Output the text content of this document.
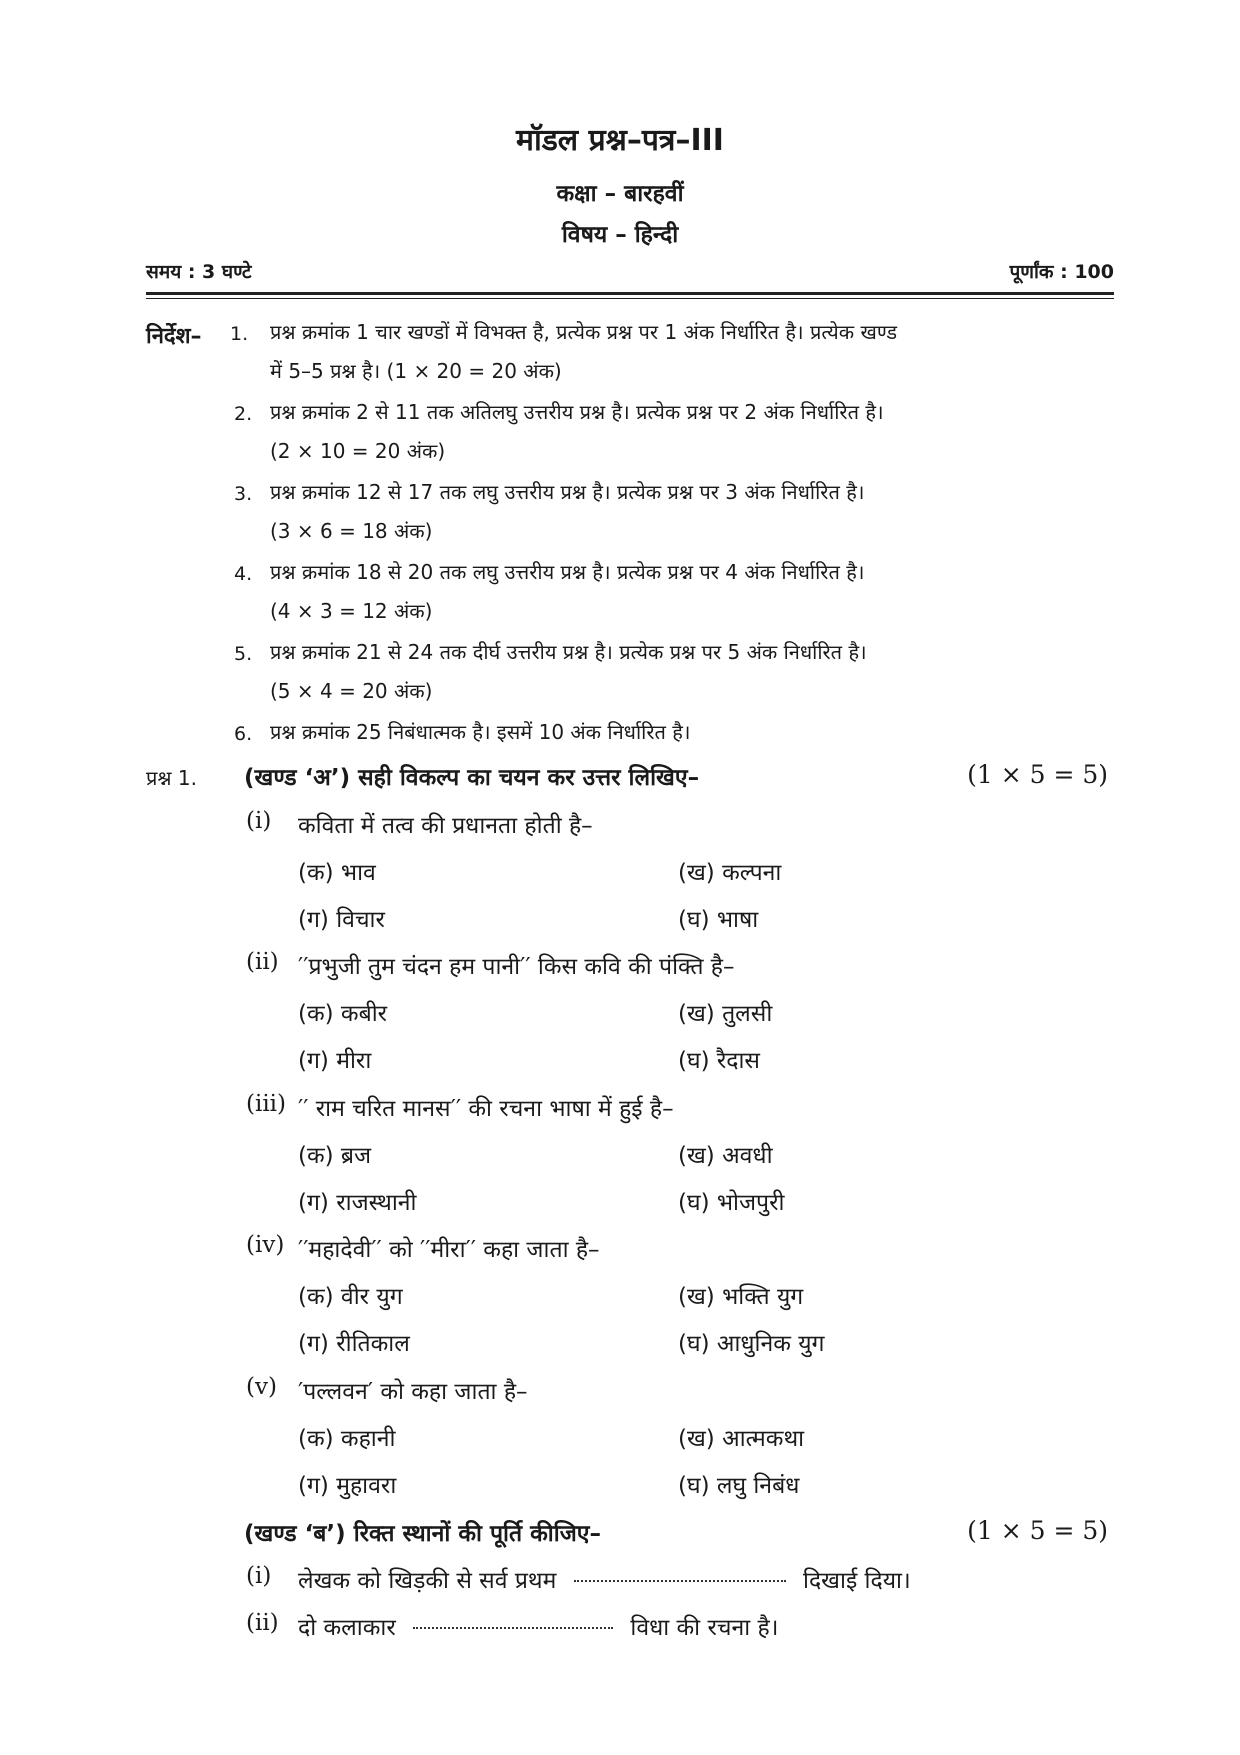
मॉडल प्रश्न–पत्र–III
कक्षा – बारहवीं
विषय – हिन्दी
समय : 3 घण्टे	पूर्णांक : 100
निर्देश– 1. प्रश्न क्रमांक 1 चार खण्डों में विभक्त है, प्रत्येक प्रश्न पर 1 अंक निर्धारित है। प्रत्येक खण्ड
में 5–5 प्रश्न है। (1 × 20 = 20 अंक)
2. प्रश्न क्रमांक 2 से 11 तक अतिलघु उत्तरीय प्रश्न है। प्रत्येक प्रश्न पर 2 अंक निर्धारित है।
(2 × 10 = 20 अंक)
3. प्रश्न क्रमांक 12 से 17 तक लघु उत्तरीय प्रश्न है। प्रत्येक प्रश्न पर 3 अंक निर्धारित है।
(3 × 6 = 18 अंक)
4. प्रश्न क्रमांक 18 से 20 तक लघु उत्तरीय प्रश्न है। प्रत्येक प्रश्न पर 4 अंक निर्धारित है।
(4 × 3 = 12 अंक)
5. प्रश्न क्रमांक 21 से 24 तक दीर्घ उत्तरीय प्रश्न है। प्रत्येक प्रश्न पर 5 अंक निर्धारित है।
(5 × 4 = 20 अंक)
6. प्रश्न क्रमांक 25 निबंधात्मक है। इसमें 10 अंक निर्धारित है।
प्रश्न 1. (खण्ड ‘अ’) सही विकल्प का चयन कर उत्तर लिखिए–	(1 × 5 = 5)
(i) कविता में तत्व की प्रधानता होती है–
(क) भाव	(ख) कल्पना
(ग) विचार	(घ) भाषा
(ii) ′′प्रभुजी तुम चंदन हम पानी′′ किस कवि की पंक्ति है–
(क) कबीर	(ख) तुलसी
(ग) मीरा	(घ) रैदास
(iii) ′′ राम चरित मानस′′ की रचना भाषा में हुई है–
(क) ब्रज	(ख) अवधी
(ग) राजस्थानी	(घ) भोजपुरी
(iv) ′′महादेवी′′ को ′′मीरा′′ कहा जाता है–
(क) वीर युग	(ख) भक्ति युग
(ग) रीतिकाल	(घ) आधुनिक युग
(v) ′पल्लवन′ को कहा जाता है–
(क) कहानी	(ख) आत्मकथा
(ग) मुहावरा	(घ) लघु निबंध
(खण्ड ‘ब’) रिक्त स्थानों की पूर्ति कीजिए–	(1 × 5 = 5)
(i) लेखक को खिड़की से सर्व प्रथम	दिखाई दिया।
(ii) दो कलाकार	विधा की रचना है।
